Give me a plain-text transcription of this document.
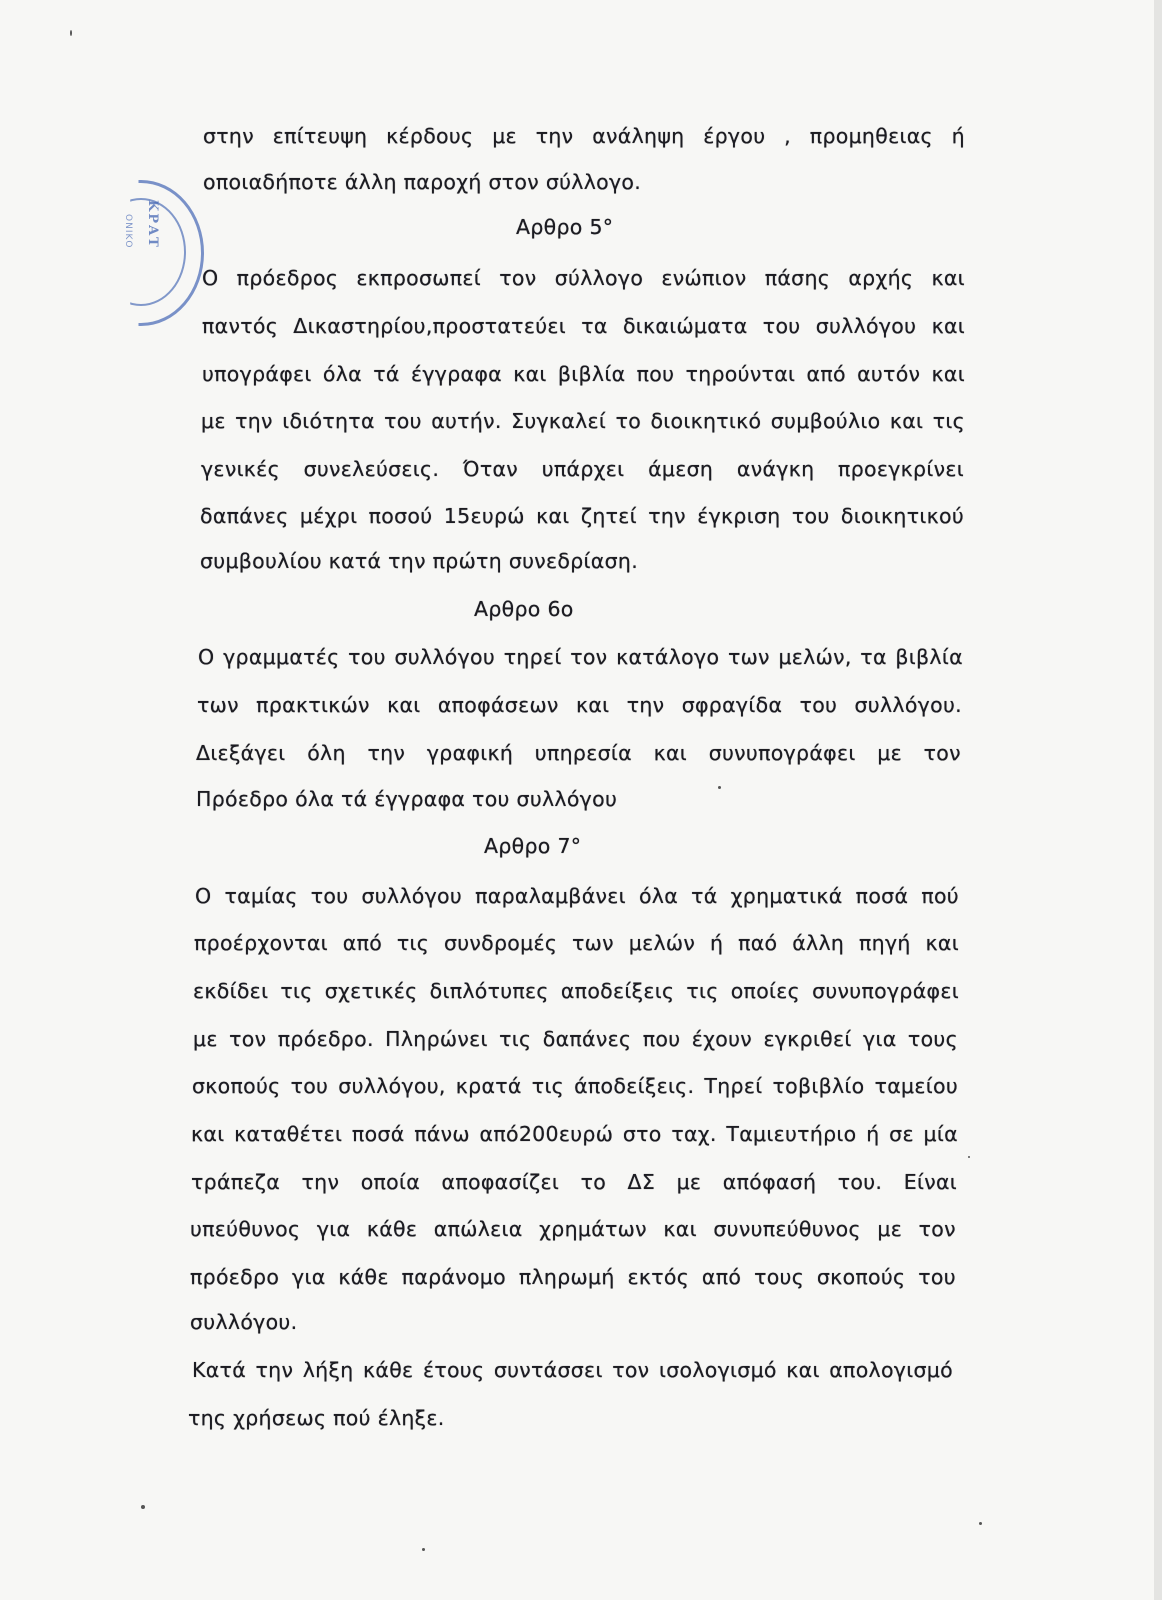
ΚΡΑΤ
ΟΝΙΚΟ
στην επίτευψη κέρδους με την ανάληψη έργου , προμηθειας ή
οποιαδήποτε άλλη παροχή στον σύλλογο.
Αρθρο 5°
Ο πρόεδρος εκπροσωπεί τον σύλλογο ενώπιον πάσης αρχής και
παντός Δικαστηρίου,προστατεύει τα δικαιώματα του συλλόγου και
υπογράφει όλα τά έγγραφα και βιβλία που τηρούνται από αυτόν και
με την ιδιότητα του αυτήν. Συγκαλεί το διοικητικό συμβούλιο και τις
γενικές συνελεύσεις. Όταν υπάρχει άμεση ανάγκη προεγκρίνει
δαπάνες μέχρι ποσού 15ευρώ και ζητεί την έγκριση του διοικητικού
συμβουλίου κατά την πρώτη συνεδρίαση.
Αρθρο 6ο
Ο γραμματές του συλλόγου τηρεί τον κατάλογο των μελών, τα βιβλία
των πρακτικών και αποφάσεων και την σφραγίδα του συλλόγου.
Διεξάγει όλη την γραφική υπηρεσία και συνυπογράφει με τον
Πρόεδρο όλα τά έγγραφα του συλλόγου
Αρθρο 7°
Ο ταμίας του συλλόγου παραλαμβάνει όλα τά χρηματικά ποσά πού
προέρχονται από τις συνδρομές των μελών ή παό άλλη πηγή και
εκδίδει τις σχετικές διπλότυπες αποδείξεις τις οποίες συνυπογράφει
με τον πρόεδρο. Πληρώνει τις δαπάνες που έχουν εγκριθεί για τους
σκοπούς του συλλόγου, κρατά τις άποδείξεις. Τηρεί τοβιβλίο ταμείου
και καταθέτει ποσά πάνω από200ευρώ στο ταχ. Ταμιευτήριο ή σε μία
τράπεζα την οποία αποφασίζει το ΔΣ με απόφασή του. Είναι
υπεύθυνος για κάθε απώλεια χρημάτων και συνυπεύθυνος με τον
πρόεδρο για κάθε παράνομο πληρωμή εκτός από τους σκοπούς του
συλλόγου.
Κατά την λήξη κάθε έτους συντάσσει τον ισολογισμό και απολογισμό
της χρήσεως πού έληξε.
